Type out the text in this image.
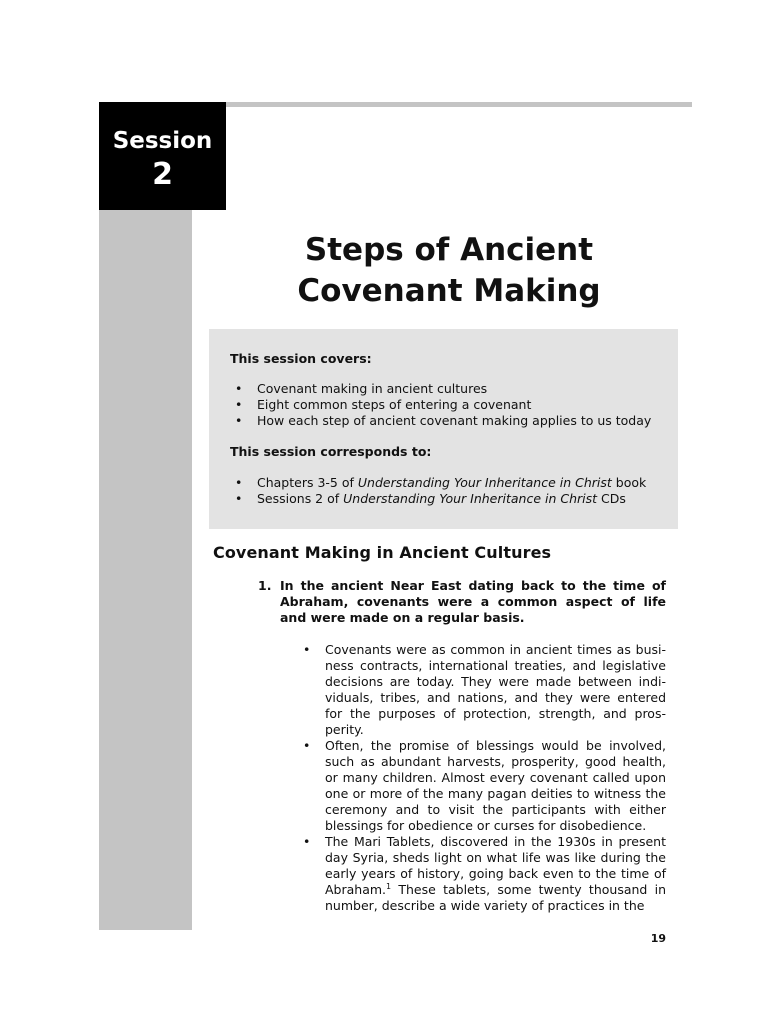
Session
2
Steps of Ancient
Covenant Making
This session covers:
• Covenant making in ancient cultures
• Eight common steps of entering a covenant
• How each step of ancient covenant making applies to us today
This session corresponds to:
• Chapters 3-5 of Understanding Your Inheritance in Christ book
• Sessions 2 of Understanding Your Inheritance in Christ CDs
Covenant Making in Ancient Cultures

1. In the ancient Near East dating back to the time of Abraham, covenants were a common aspect of life and were made on a regular basis.

• Covenants were as common in ancient times as business contracts, international treaties, and legislative decisions are today. They were made between individuals, tribes, and nations, and they were entered for the purposes of protection, strength, and prosperity.
• Often, the promise of blessings would be involved, such as abundant harvests, prosperity, good health, or many children. Almost every covenant called upon one or more of the many pagan deities to witness the ceremony and to visit the participants with either blessings for obedience or curses for disobedience.
• The Mari Tablets, discovered in the 1930s in present day Syria, sheds light on what life was like during the early years of history, going back even to the time of Abraham.$^1$ These tablets, some twenty thousand in number, describe a wide variety of practices in the
19
